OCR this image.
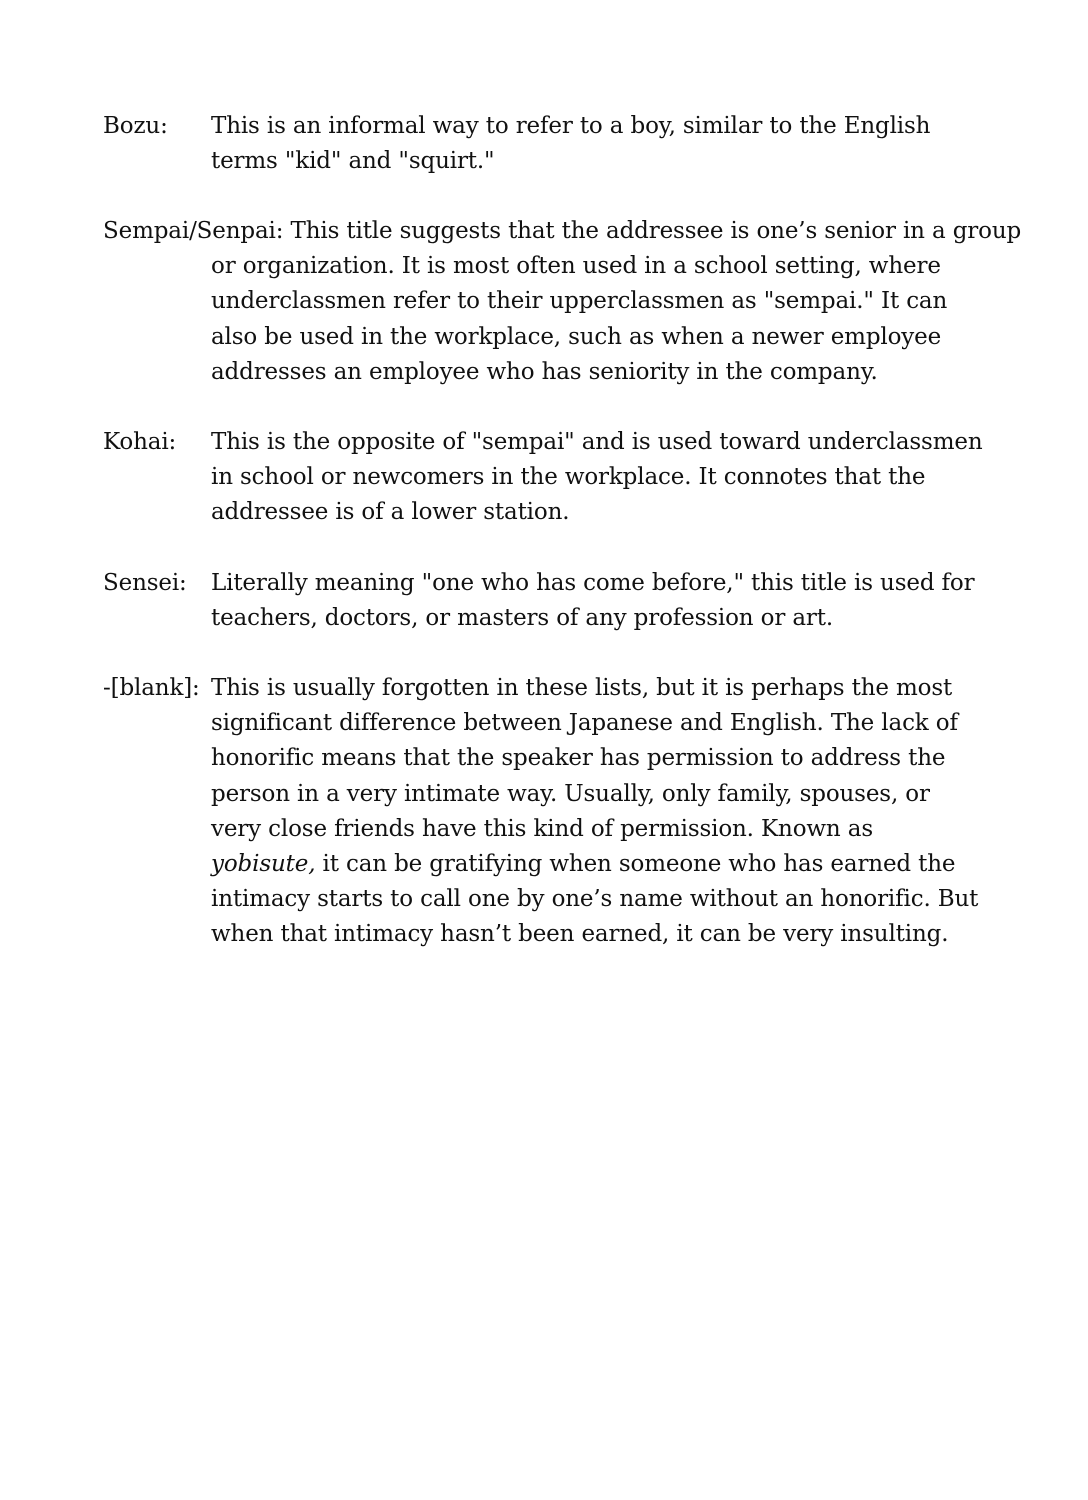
Bozu: This is an informal way to refer to a boy, similar to the English terms "kid" and "squirt."
Sempai/Senpai: This title suggests that the addressee is one’s senior in a group
or organization. It is most often used in a school setting, where underclassmen refer to their upperclassmen as "sempai." It can also be used in the workplace, such as when a newer employee addresses an employee who has seniority in the company.
Kohai: This is the opposite of "sempai" and is used toward underclassmen in school or newcomers in the workplace. It connotes that the addressee is of a lower station.
Sensei: Literally meaning "one who has come before," this title is used for teachers, doctors, or masters of any profession or art.
-[blank]: This is usually forgotten in these lists, but it is perhaps the most significant difference between Japanese and English. The lack of honorific means that the speaker has permission to address the person in a very intimate way. Usually, only family, spouses, or very close friends have this kind of permission. Known as yobisute, it can be gratifying when someone who has earned the intimacy starts to call one by one’s name without an honorific. But when that intimacy hasn’t been earned, it can be very insulting.
